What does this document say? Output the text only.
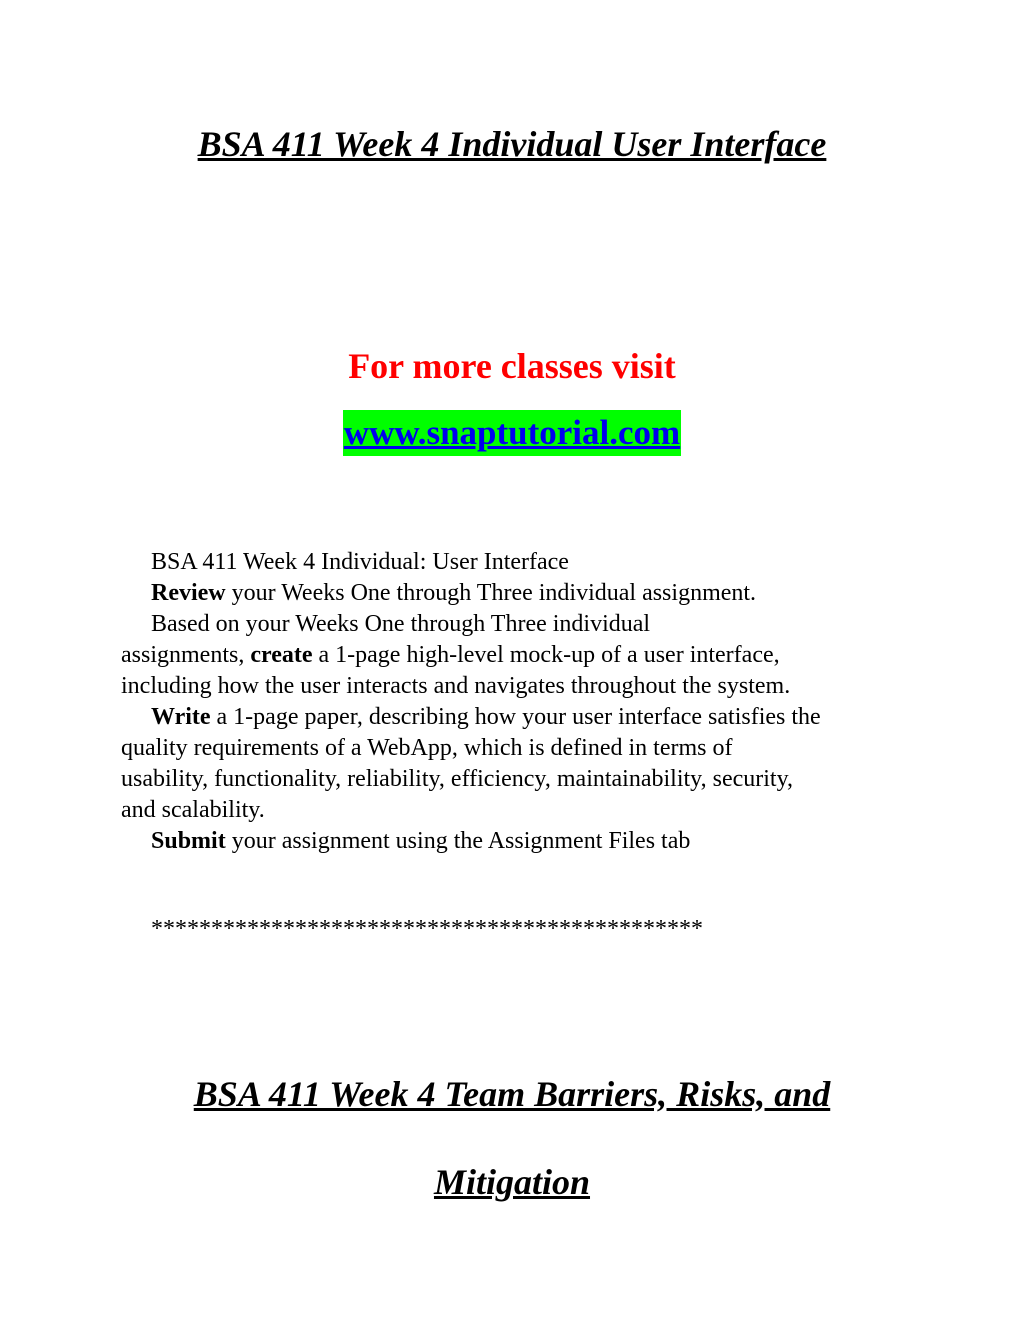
BSA 411 Week 4 Individual User Interface
For more classes visit
www.snaptutorial.com

BSA 411 Week 4 Individual: User Interface

Review your Weeks One through Three individual assignment.

Based on your Weeks One through Three individual

assignments, create a 1-page high-level mock-up of a user interface,

including how the user interacts and navigates throughout the system.

Write a 1-page paper, describing how your user interface satisfies the

quality requirements of a WebApp, which is defined in terms of

usability, functionality, reliability, efficiency, maintainability, security,

and scalability.

Submit your assignment using the Assignment Files tab

**********************************************
BSA 411 Week 4 Team Barriers, Risks, and
Mitigation
